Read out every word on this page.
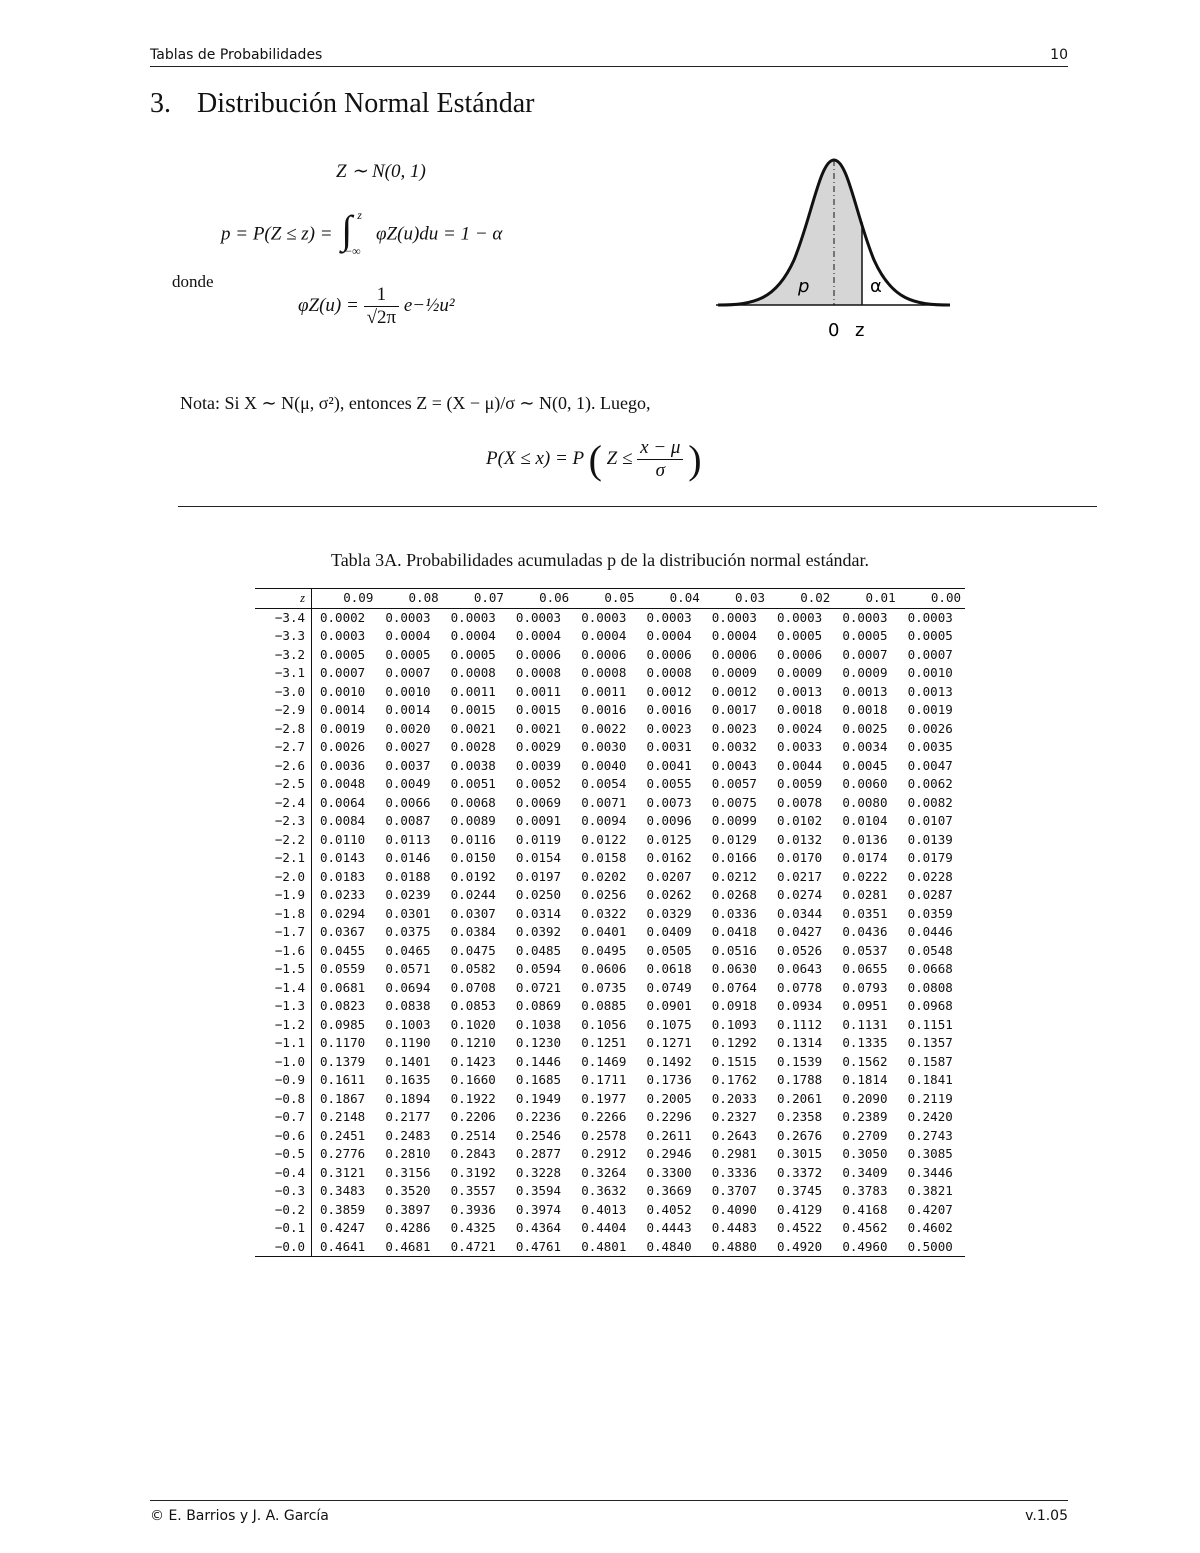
Tablas de Probabilidades	10
3. Distribución Normal Estándar
Z ∼ N(0, 1)
p = P(Z ≤ z) = ∫ z
−∞
φZ(u)du = 1 − α
donde
$\varphi Z(u) = \frac{1}{√2\pi}$ e−½u²
p	α
0 z
Nota: Si X ∼ N(μ, σ²), entonces Z = (X − μ)/σ ∼ N(0, 1). Luego,
P(X ≤ x) = P ( $Z \le \frac{x - \mu}{\sigma}$ )
Tabla 3A. Probabilidades acumuladas p de la distribución normal estándar.
z	0.09	0.08	0.07	0.06	0.05	0.04	0.03	0.02	0.01	0.00
−3.4	0.0002	0.0003	0.0003	0.0003	0.0003	0.0003	0.0003	0.0003	0.0003	0.0003
−3.3	0.0003	0.0004	0.0004	0.0004	0.0004	0.0004	0.0004	0.0005	0.0005	0.0005
−3.2	0.0005	0.0005	0.0005	0.0006	0.0006	0.0006	0.0006	0.0006	0.0007	0.0007
−3.1	0.0007	0.0007	0.0008	0.0008	0.0008	0.0008	0.0009	0.0009	0.0009	0.0010
−3.0	0.0010	0.0010	0.0011	0.0011	0.0011	0.0012	0.0012	0.0013	0.0013	0.0013
−2.9	0.0014	0.0014	0.0015	0.0015	0.0016	0.0016	0.0017	0.0018	0.0018	0.0019
−2.8	0.0019	0.0020	0.0021	0.0021	0.0022	0.0023	0.0023	0.0024	0.0025	0.0026
−2.7	0.0026	0.0027	0.0028	0.0029	0.0030	0.0031	0.0032	0.0033	0.0034	0.0035
−2.6	0.0036	0.0037	0.0038	0.0039	0.0040	0.0041	0.0043	0.0044	0.0045	0.0047
−2.5	0.0048	0.0049	0.0051	0.0052	0.0054	0.0055	0.0057	0.0059	0.0060	0.0062
−2.4	0.0064	0.0066	0.0068	0.0069	0.0071	0.0073	0.0075	0.0078	0.0080	0.0082
−2.3	0.0084	0.0087	0.0089	0.0091	0.0094	0.0096	0.0099	0.0102	0.0104	0.0107
−2.2	0.0110	0.0113	0.0116	0.0119	0.0122	0.0125	0.0129	0.0132	0.0136	0.0139
−2.1	0.0143	0.0146	0.0150	0.0154	0.0158	0.0162	0.0166	0.0170	0.0174	0.0179
−2.0	0.0183	0.0188	0.0192	0.0197	0.0202	0.0207	0.0212	0.0217	0.0222	0.0228
−1.9	0.0233	0.0239	0.0244	0.0250	0.0256	0.0262	0.0268	0.0274	0.0281	0.0287
−1.8	0.0294	0.0301	0.0307	0.0314	0.0322	0.0329	0.0336	0.0344	0.0351	0.0359
−1.7	0.0367	0.0375	0.0384	0.0392	0.0401	0.0409	0.0418	0.0427	0.0436	0.0446
−1.6	0.0455	0.0465	0.0475	0.0485	0.0495	0.0505	0.0516	0.0526	0.0537	0.0548
−1.5	0.0559	0.0571	0.0582	0.0594	0.0606	0.0618	0.0630	0.0643	0.0655	0.0668
−1.4	0.0681	0.0694	0.0708	0.0721	0.0735	0.0749	0.0764	0.0778	0.0793	0.0808
−1.3	0.0823	0.0838	0.0853	0.0869	0.0885	0.0901	0.0918	0.0934	0.0951	0.0968
−1.2	0.0985	0.1003	0.1020	0.1038	0.1056	0.1075	0.1093	0.1112	0.1131	0.1151
−1.1	0.1170	0.1190	0.1210	0.1230	0.1251	0.1271	0.1292	0.1314	0.1335	0.1357
−1.0	0.1379	0.1401	0.1423	0.1446	0.1469	0.1492	0.1515	0.1539	0.1562	0.1587
−0.9	0.1611	0.1635	0.1660	0.1685	0.1711	0.1736	0.1762	0.1788	0.1814	0.1841
−0.8	0.1867	0.1894	0.1922	0.1949	0.1977	0.2005	0.2033	0.2061	0.2090	0.2119
−0.7	0.2148	0.2177	0.2206	0.2236	0.2266	0.2296	0.2327	0.2358	0.2389	0.2420
−0.6	0.2451	0.2483	0.2514	0.2546	0.2578	0.2611	0.2643	0.2676	0.2709	0.2743
−0.5	0.2776	0.2810	0.2843	0.2877	0.2912	0.2946	0.2981	0.3015	0.3050	0.3085
−0.4	0.3121	0.3156	0.3192	0.3228	0.3264	0.3300	0.3336	0.3372	0.3409	0.3446
−0.3	0.3483	0.3520	0.3557	0.3594	0.3632	0.3669	0.3707	0.3745	0.3783	0.3821
−0.2	0.3859	0.3897	0.3936	0.3974	0.4013	0.4052	0.4090	0.4129	0.4168	0.4207
−0.1	0.4247	0.4286	0.4325	0.4364	0.4404	0.4443	0.4483	0.4522	0.4562	0.4602
−0.0	0.4641	0.4681	0.4721	0.4761	0.4801	0.4840	0.4880	0.4920	0.4960	0.5000
© E. Barrios y J. A. García	v.1.05
